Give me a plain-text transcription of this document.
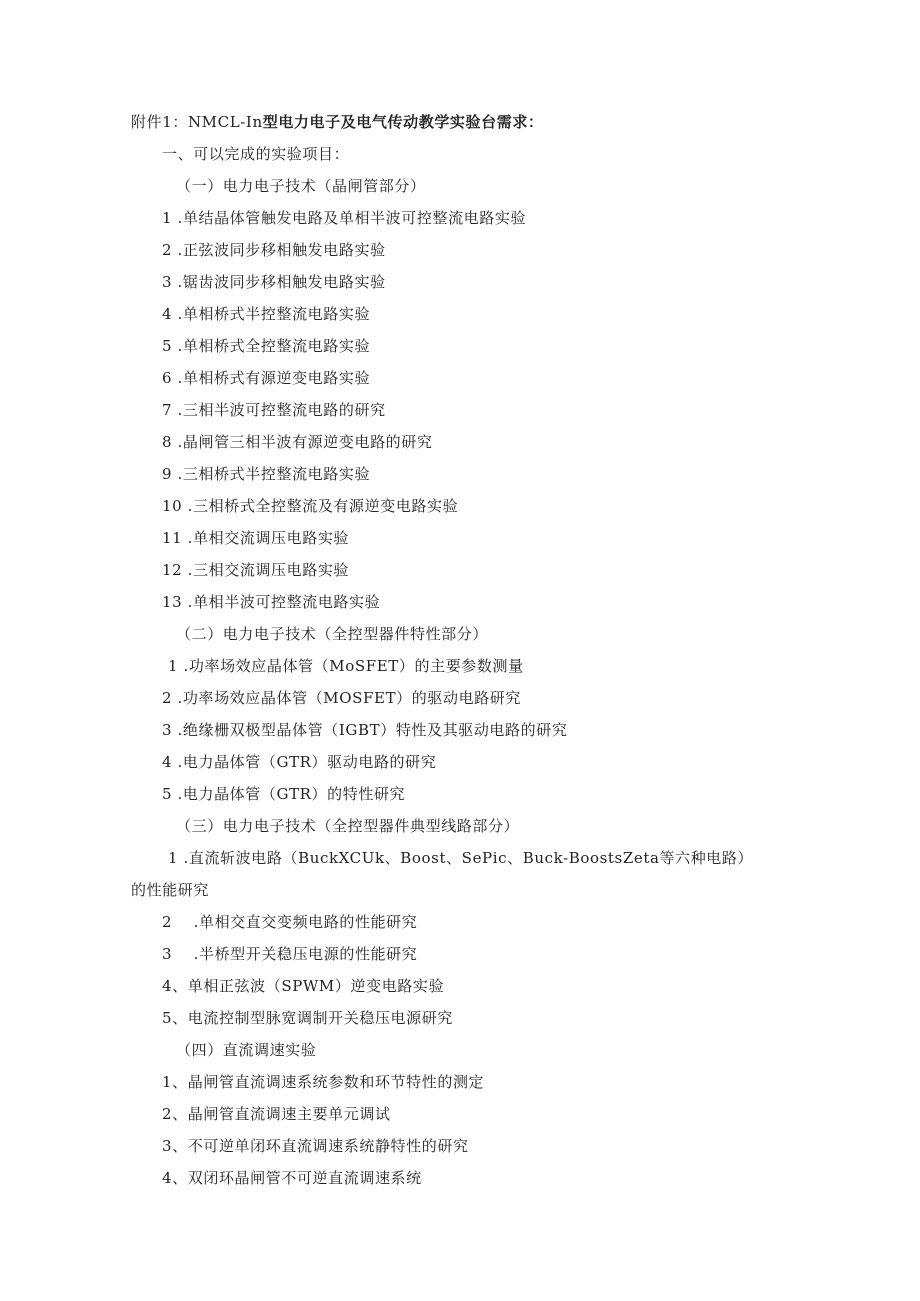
附件1：NMCL-In型电力电子及电气传动教学实验台需求：
一、可以完成的实验项目：
（一）电力电子技术（晶闸管部分）
1 .单结晶体管触发电路及单相半波可控整流电路实验
2 .正弦波同步移相触发电路实验
3 .锯齿波同步移相触发电路实验
4 .单相桥式半控整流电路实验
5 .单相桥式全控整流电路实验
6 .单相桥式有源逆变电路实验
7 .三相半波可控整流电路的研究
8 .晶闸管三相半波有源逆变电路的研究
9 .三相桥式半控整流电路实验
10 .三相桥式全控整流及有源逆变电路实验
11 .单相交流调压电路实验
12 .三相交流调压电路实验
13 .单相半波可控整流电路实验
（二）电力电子技术（全控型器件特性部分）
1 .功率场效应晶体管（MoSFET）的主要参数测量
2 .功率场效应晶体管（MOSFET）的驱动电路研究
3 .绝缘栅双极型晶体管（IGBT）特性及其驱动电路的研究
4 .电力晶体管（GTR）驱动电路的研究
5 .电力晶体管（GTR）的特性研究
（三）电力电子技术（全控型器件典型线路部分）
1 .直流斩波电路（BuckXCUk、Boost、SePic、Buck-BoostsZeta等六种电路）
的性能研究
2    .单相交直交变频电路的性能研究
3    .半桥型开关稳压电源的性能研究
4、单相正弦波（SPWM）逆变电路实验
5、电流控制型脉宽调制开关稳压电源研究
（四）直流调速实验
1、晶闸管直流调速系统参数和环节特性的测定
2、晶闸管直流调速主要单元调试
3、不可逆单闭环直流调速系统静特性的研究
4、双闭环晶闸管不可逆直流调速系统
